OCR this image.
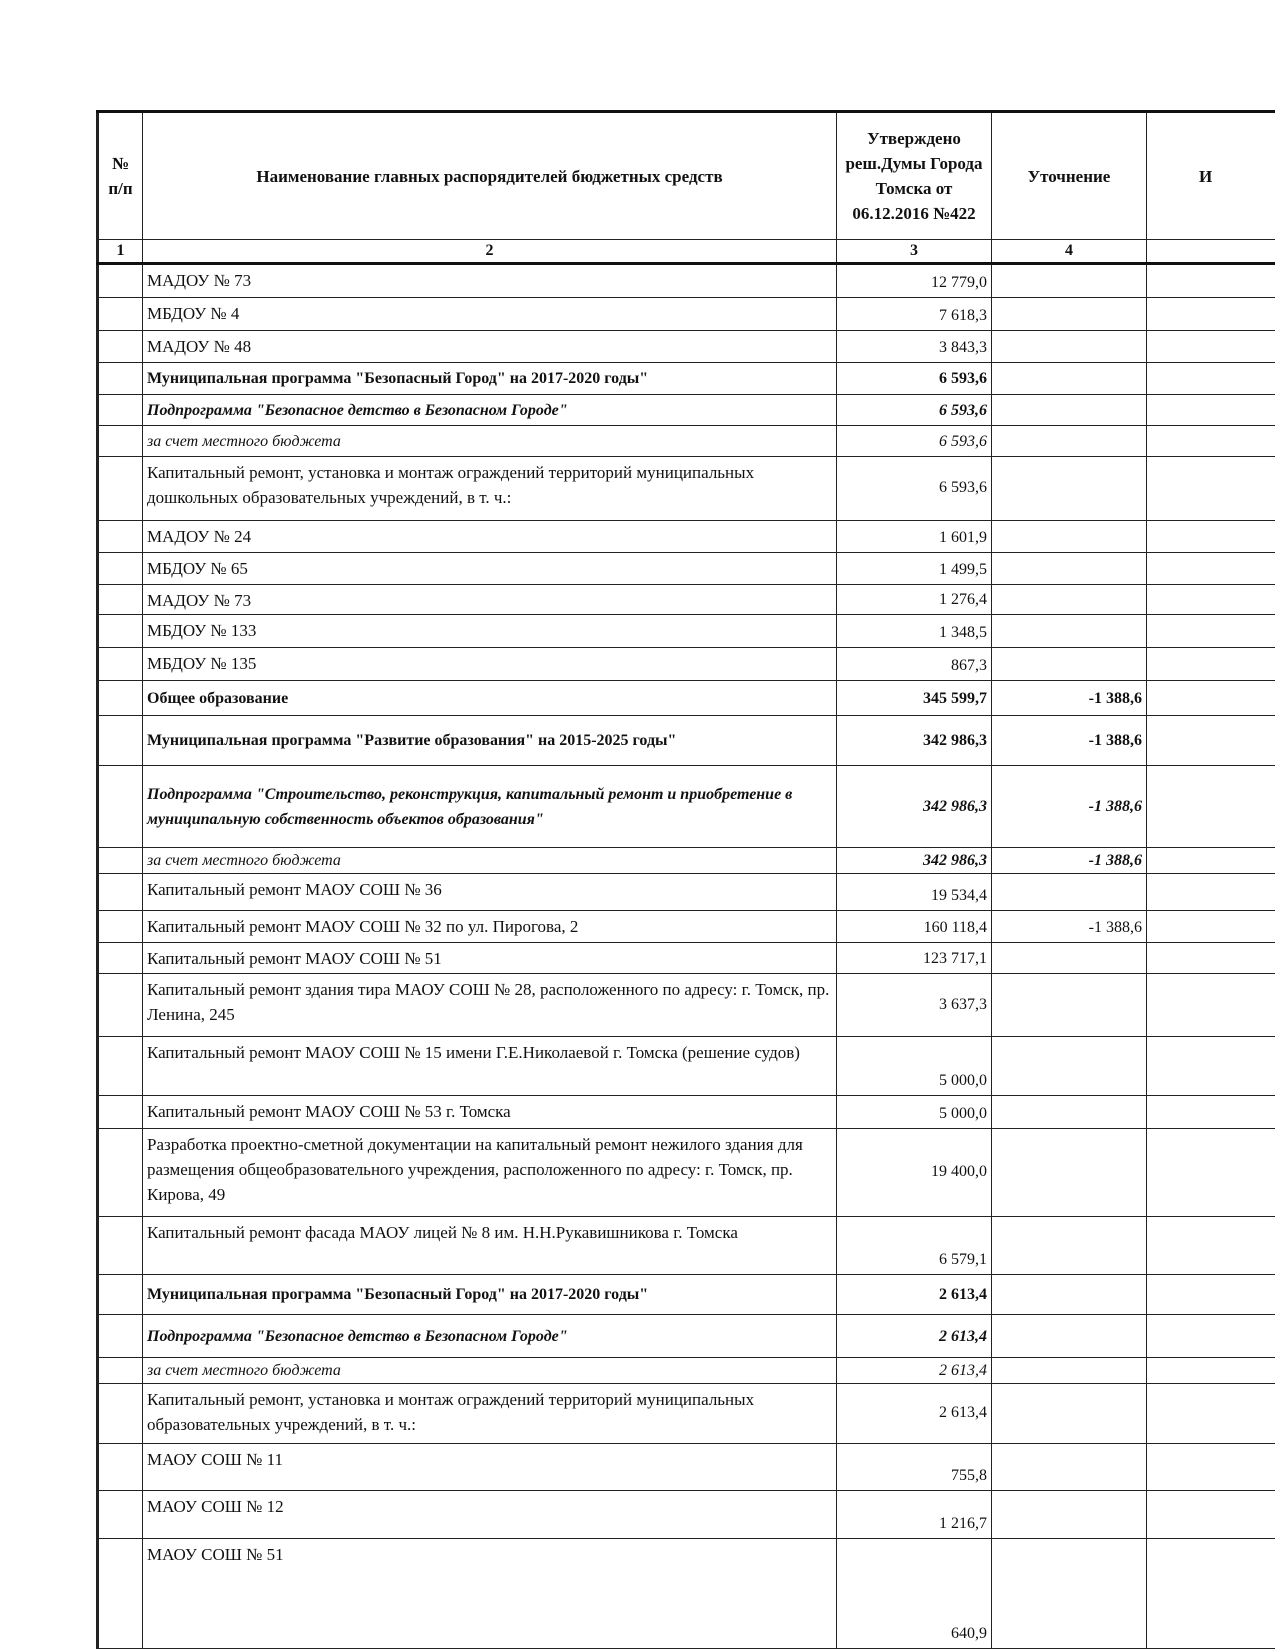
№ п/п	Наименование главных распорядителей бюджетных средств	Утверждено реш.Думы Города Томска от 06.12.2016 №422	Уточнение	И
1	2	3	4	
	МАДОУ № 73	12 779,0		
	МБДОУ № 4	7 618,3		
	МАДОУ № 48	3 843,3		
	Муниципальная программа "Безопасный Город" на 2017-2020 годы"	6 593,6		
	Подпрограмма "Безопасное детство в Безопасном Городе"	6 593,6		
	за счет местного бюджета	6 593,6		
	Капитальный ремонт, установка и монтаж ограждений территорий муниципальных дошкольных образовательных учреждений, в т. ч.:	6 593,6		
	МАДОУ № 24	1 601,9		
	МБДОУ № 65	1 499,5		
	МАДОУ № 73	1 276,4		
	МБДОУ № 133	1 348,5		
	МБДОУ № 135	867,3		
	Общее образование	345 599,7	-1 388,6	
	Муниципальная программа "Развитие образования" на 2015-2025 годы"	342 986,3	-1 388,6	
	Подпрограмма "Строительство, реконструкция, капитальный ремонт и приобретение в муниципальную собственность объектов образования"	342 986,3	-1 388,6	
	за счет местного бюджета	342 986,3	-1 388,6	
	Капитальный ремонт МАОУ СОШ № 36	19 534,4		
	Капитальный ремонт МАОУ СОШ № 32 по ул. Пирогова, 2	160 118,4	-1 388,6	
	Капитальный ремонт МАОУ СОШ № 51	123 717,1		
	Капитальный ремонт здания тира МАОУ СОШ № 28, расположенного по адресу: г. Томск, пр. Ленина, 245	3 637,3		
	Капитальный ремонт МАОУ СОШ № 15 имени Г.Е.Николаевой г. Томска (решение судов)	5 000,0		
	Капитальный ремонт МАОУ СОШ № 53 г. Томска	5 000,0		
	Разработка проектно-сметной документации на капитальный ремонт нежилого здания для размещения общеобразовательного учреждения, расположенного по адресу: г. Томск, пр. Кирова, 49	19 400,0		
	Капитальный ремонт фасада МАОУ лицей № 8 им. Н.Н.Рукавишникова г. Томска	6 579,1		
	Муниципальная программа "Безопасный Город" на 2017-2020 годы"	2 613,4		
	Подпрограмма "Безопасное детство в Безопасном Городе"	2 613,4		
	за счет местного бюджета	2 613,4		
	Капитальный ремонт, установка и монтаж ограждений территорий муниципальных образовательных учреждений, в т. ч.:	2 613,4		
	МАОУ СОШ № 11	755,8		
	МАОУ СОШ № 12	1 216,7		
	МАОУ СОШ № 51	640,9		
